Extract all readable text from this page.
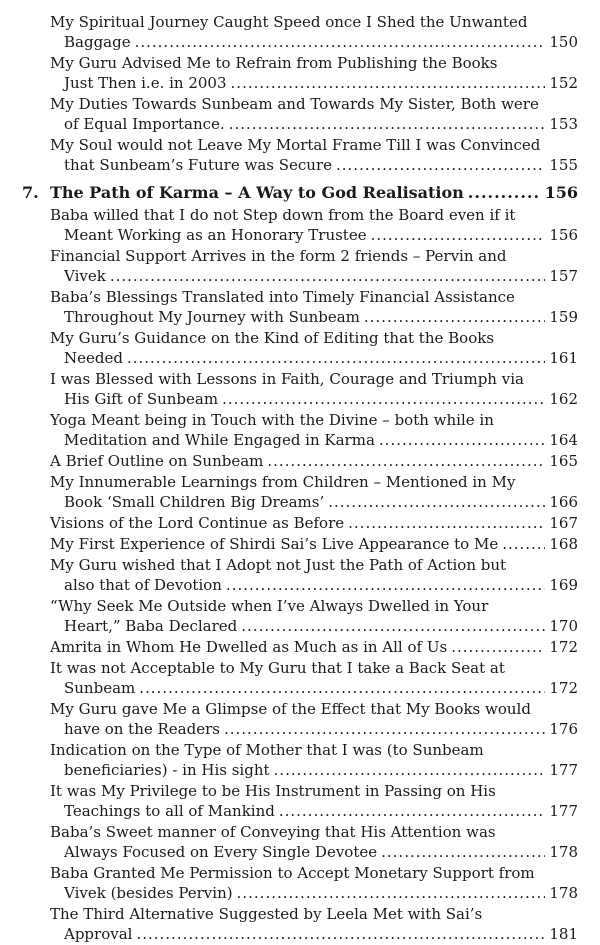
My Spiritual Journey Caught Speed once I Shed the Unwanted
Baggage .....	150
My Guru Advised Me to Refrain from Publishing the Books
Just Then i.e. in 2003 .....	152
My Duties Towards Sunbeam and Towards My Sister, Both were
of Equal Importance. .....	153
My Soul would not Leave My Mortal Frame Till I was Convinced
that Sunbeam’s Future was Secure .....	155
7. The Path of Karma – A Way to God Realisation .....	156
Baba willed that I do not Step down from the Board even if it
Meant Working as an Honorary Trustee .....	156
Financial Support Arrives in the form 2 friends – Pervin and
Vivek .....	157
Baba’s Blessings Translated into Timely Financial Assistance
Throughout My Journey with Sunbeam .....	159
My Guru’s Guidance on the Kind of Editing that the Books
Needed .....	161
I was Blessed with Lessons in Faith, Courage and Triumph via
His Gift of Sunbeam .....	162
Yoga Meant being in Touch with the Divine – both while in
Meditation and While Engaged in Karma .....	164
A Brief Outline on Sunbeam .....	165
My Innumerable Learnings from Children – Mentioned in My
Book ‘Small Children Big Dreams’ .....	166
Visions of the Lord Continue as Before .....	167
My First Experience of Shirdi Sai’s Live Appearance to Me .....	168
My Guru wished that I Adopt not Just the Path of Action but
also that of Devotion .....	169
“Why Seek Me Outside when I’ve Always Dwelled in Your
Heart,” Baba Declared .....	170
Amrita in Whom He Dwelled as Much as in All of Us .....	172
It was not Acceptable to My Guru that I take a Back Seat at
Sunbeam .....	172
My Guru gave Me a Glimpse of the Effect that My Books would
have on the Readers .....	176
Indication on the Type of Mother that I was (to Sunbeam
beneficiaries) - in His sight .....	177
It was My Privilege to be His Instrument in Passing on His
Teachings to all of Mankind .....	177
Baba’s Sweet manner of Conveying that His Attention was
Always Focused on Every Single Devotee .....	178
Baba Granted Me Permission to Accept Monetary Support from
Vivek (besides Pervin) .....	178
The Third Alternative Suggested by Leela Met with Sai’s
Approval .....	181
